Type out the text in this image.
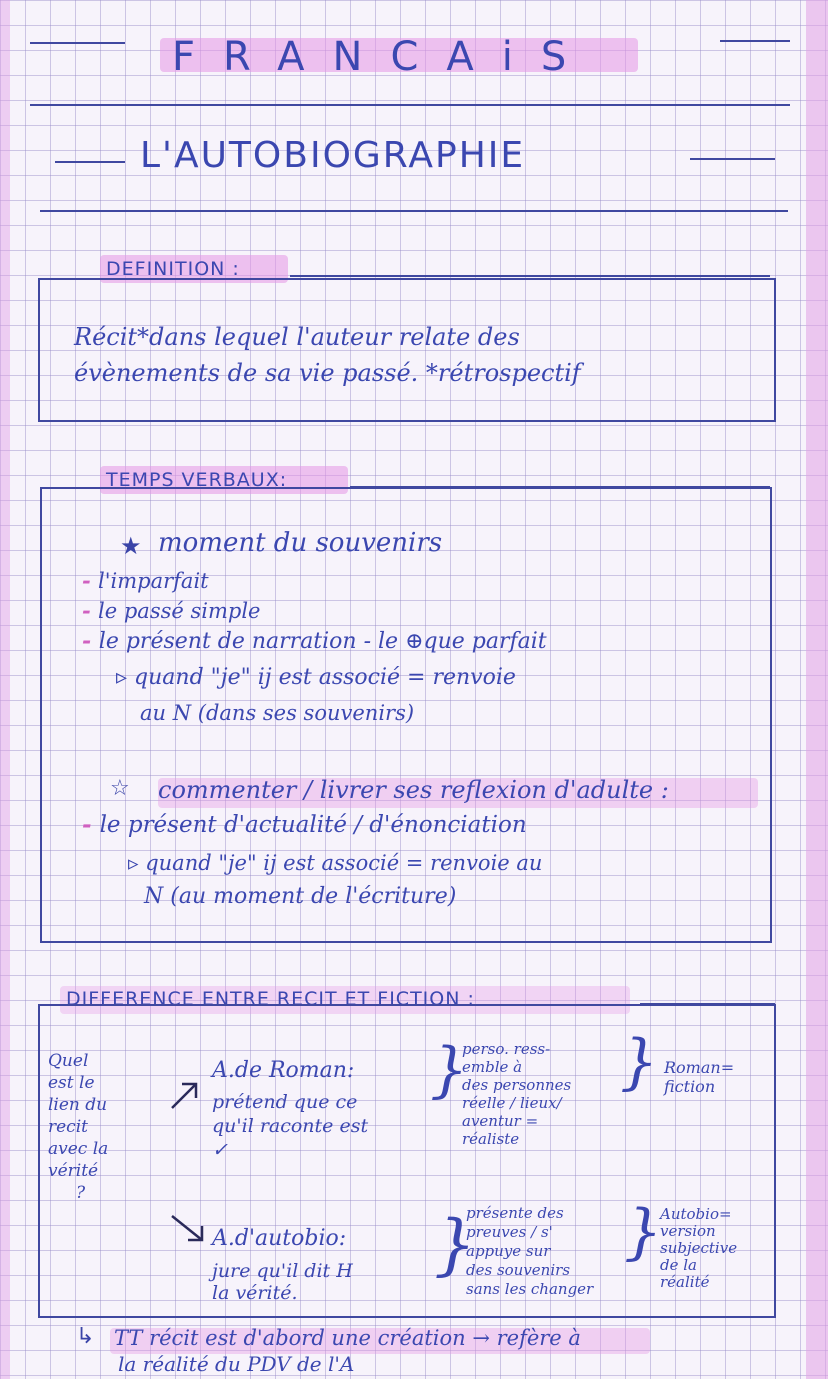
FRANCAiS
L'AUTOBIOGRAPHIE
DEFINITION :
Récit*dans lequel l'auteur relate des
évènements de sa vie passé. *rétrospectif
TEMPS VERBAUX:
★ moment du souvenirs
- l'imparfait
- le passé simple
- le présent de narration - le ⊕que parfait
▹ quand "je" ij est associé = renvoie
au N (dans ses souvenirs)
☆ commenter / livrer ses reflexion d'adulte :
- le présent d'actualité / d'énonciation
▹ quand "je" ij est associé = renvoie au
N (au moment de l'écriture)
DIFFERENCE ENTRE RECIT ET FICTION :
Quel
est le
lien du
recit
avec la
vérité
?
A.de Roman:
prétend que ce
qu'il raconte est
✓
}
perso. ress-
emble à
des personnes
réelle / lieux/
aventur =
réaliste
} Roman=
fiction
A.d'autobio:
jure qu'il dit H
la vérité.
}
présente des
preuves / s'
appuye sur
des souvenirs
sans les changer
}
Autobio=
version
subjective
de la
réalité
↳ TT récit est d'abord une création → refère à
la réalité du PDV de l'A
